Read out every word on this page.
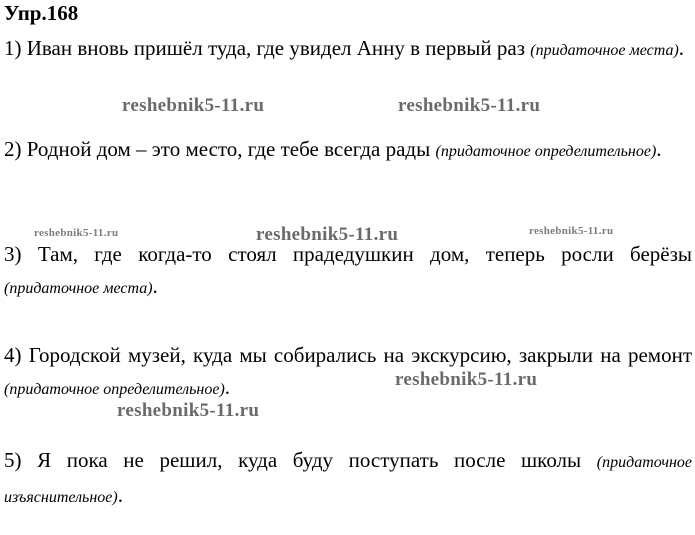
Упр.168

1) Иван вновь пришёл туда, где увидел Анну в первый раз (придаточное места).

2) Родной дом – это место, где тебе всегда рады (придаточное определительное).

3) Там, где когда-то стоял прадедушкин дом, теперь росли берёзы (придаточное места).

4) Городской музей, куда мы собирались на экскурсию, закрыли на ремонт (придаточное определительное).

5) Я пока не решил, куда буду поступать после школы (придаточное изъяснительное).

reshebnik5-11.ru	reshebnik5-11.ru
reshebnik5-11.ru	reshebnik5-11.ru	reshebnik5-11.ru
reshebnik5-11.ru
reshebnik5-11.ru
